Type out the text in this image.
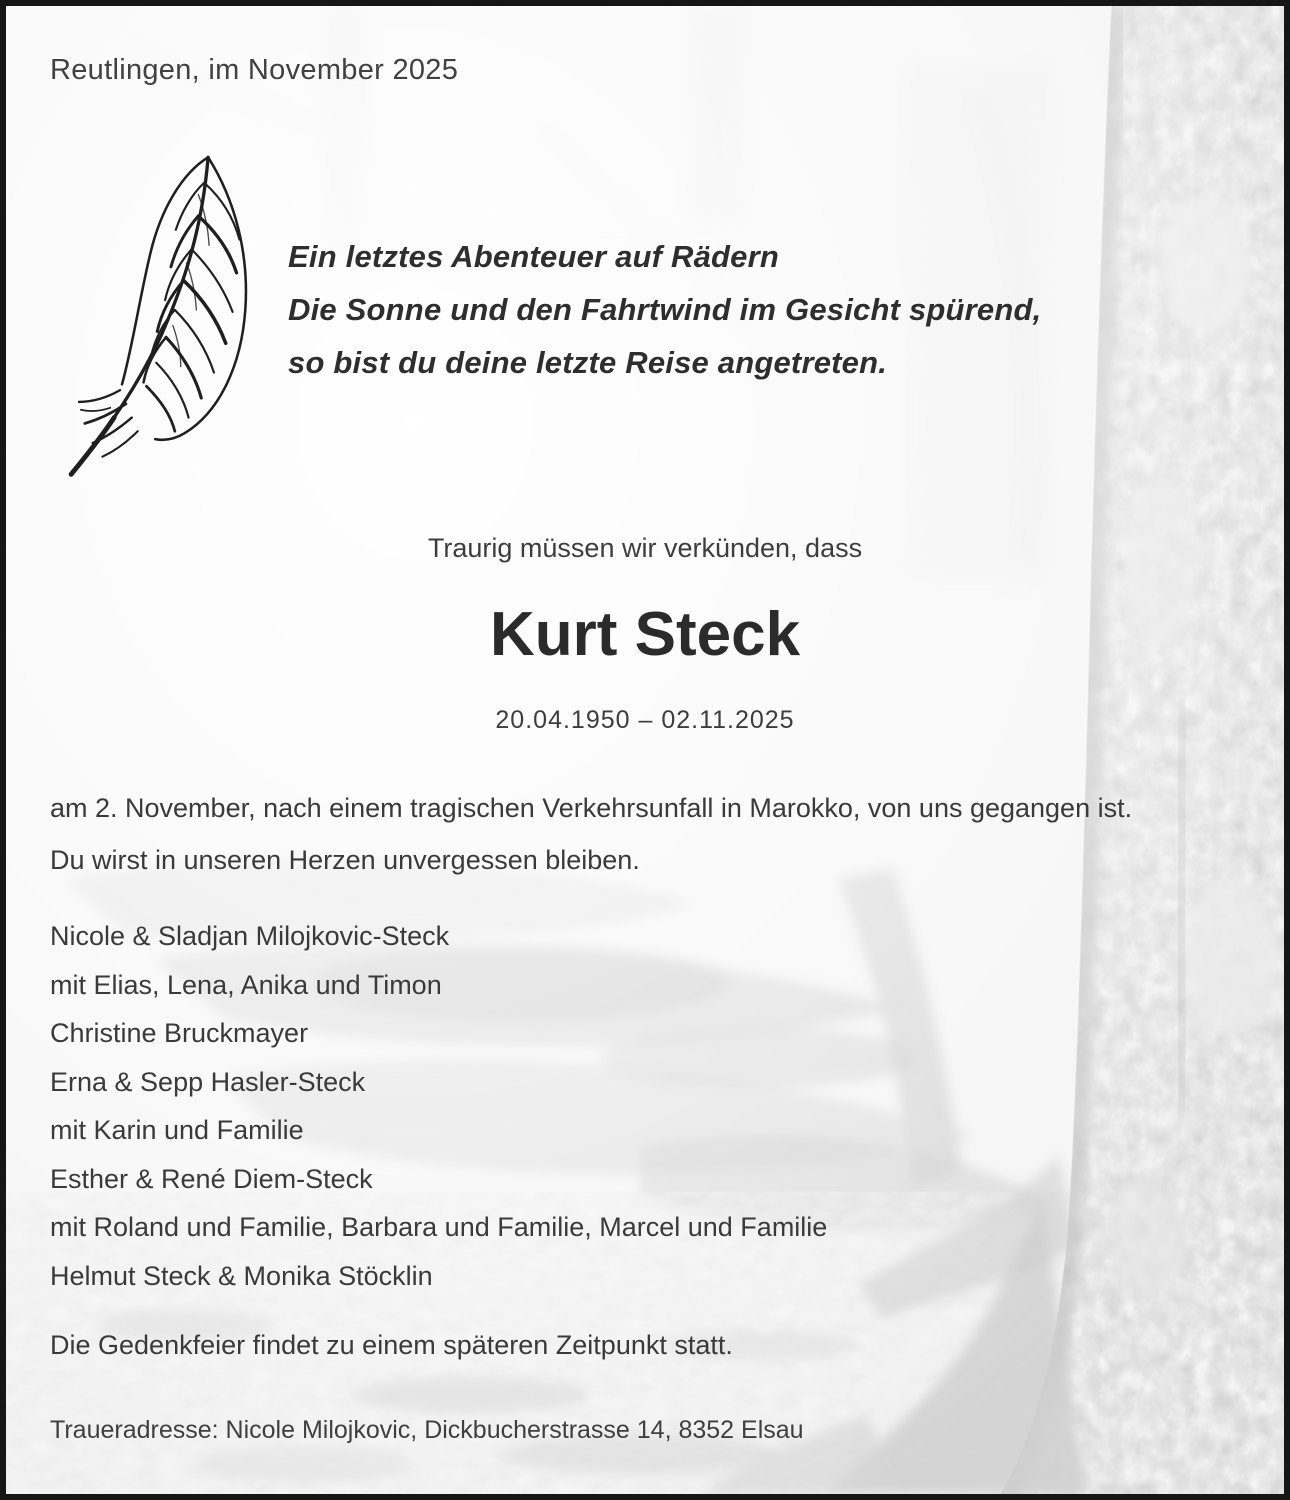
Reutlingen, im November 2025
Ein letztes Abenteuer auf Rädern
Die Sonne und den Fahrtwind im Gesicht spürend,
so bist du deine letzte Reise angetreten.
Traurig müssen wir verkünden, dass
Kurt Steck
20.04.1950 – 02.11.2025
am 2. November, nach einem tragischen Verkehrsunfall in Marokko, von uns gegangen ist.
Du wirst in unseren Herzen unvergessen bleiben.
Nicole & Sladjan Milojkovic-Steck
mit Elias, Lena, Anika und Timon
Christine Bruckmayer
Erna & Sepp Hasler-Steck
mit Karin und Familie
Esther & René Diem-Steck
mit Roland und Familie, Barbara und Familie, Marcel und Familie
Helmut Steck & Monika Stöcklin
Die Gedenkfeier findet zu einem späteren Zeitpunkt statt.
Traueradresse: Nicole Milojkovic, Dickbucherstrasse 14, 8352 Elsau
